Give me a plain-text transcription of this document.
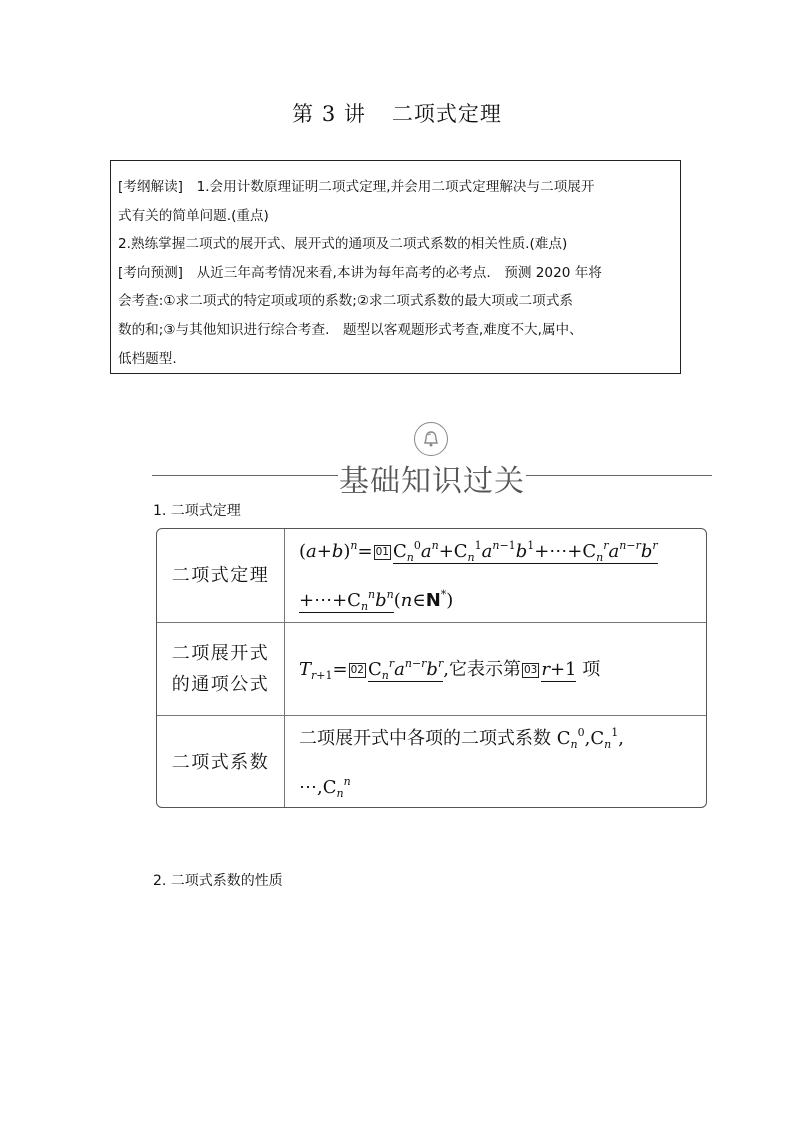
第 3 讲 二项式定理
[考纲解读]　1.会用计数原理证明二项式定理,并会用二项式定理解决与二项展开
式有关的简单问题.(重点)
2.熟练掌握二项式的展开式、展开式的通项及二项式系数的相关性质.(难点)
[考向预测]　从近三年高考情况来看,本讲为每年高考的必考点.　预测 2020 年将
会考查:①求二项式的特定项或项的系数;②求二项式系数的最大项或二项式系
数的和;③与其他知识进行综合考查.　题型以客观题形式考查,难度不大,属中、
低档题型.
基础知识过关
1. 二项式定理
二项式定理
$(a+b)^n= 01$ $C_n^0a^n+C_n^1a^{n-1}b^1+\cdots+C_n^ra^{n-r}b^r$
$+\cdots+C_n^nb^n(n\in N^*)$
二项展开式
的通项公式
$T_{r+1}= 02$ $C_n^ra^{n-r}b^r$,它表示第 03 r+1 项
二项式系数
二项展开式中各项的二项式系数 $C_n^0,C_n^1$,
$\cdots,C_n^n$
2. 二项式系数的性质
